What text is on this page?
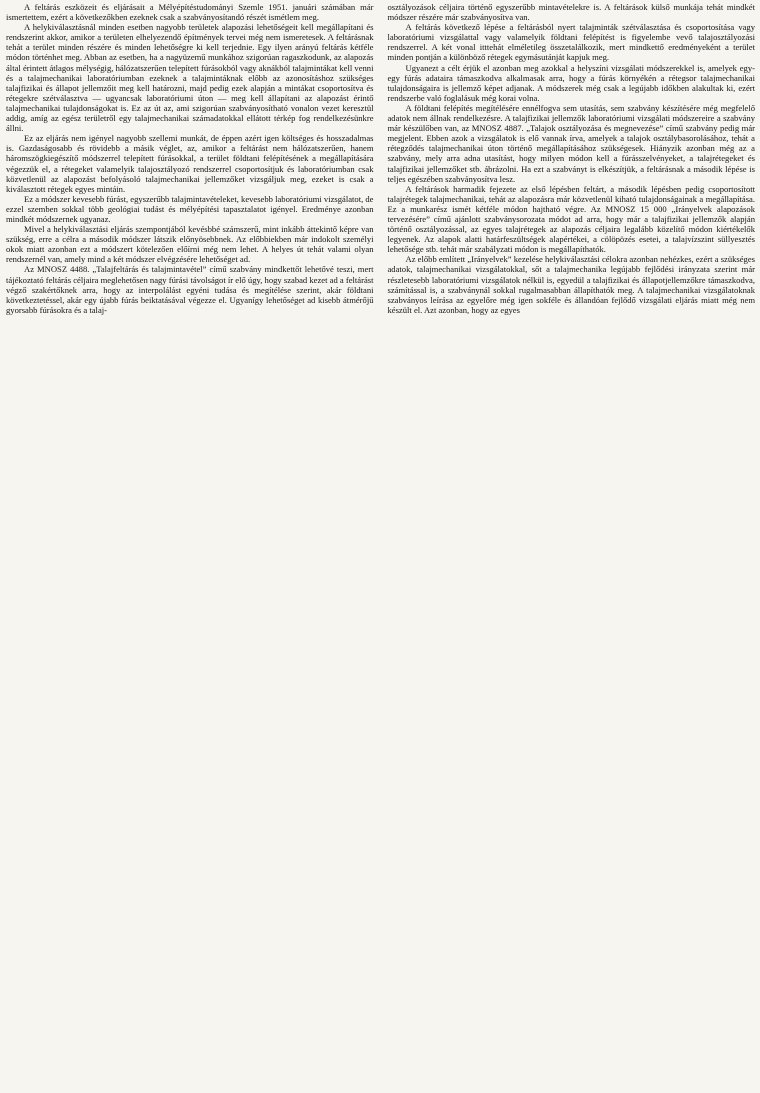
A feltárás eszközeit és eljárásait a Mélyépítéstudományi Szemle 1951. januári számában már ismertettem, ezért a következőkben ezeknek csak a szabványosítandó részét ismétlem meg.

A helykiválasztásnál minden esetben nagyobb területek alapozási lehetőségeit kell megállapítani és rendszerint akkor, amikor a területen elhelyezendő építmények tervei még nem ismeretesek. A feltárásnak tehát a terület minden részére és minden lehetőségre ki kell terjednie. Egy ilyen arányú feltárás kétféle módon történhet meg. Abban az esetben, ha a nagyüzemű munkához szigorúan ragaszkodunk, az alapozás által érintett átlagos mélységig, hálózatszerűen telepített fúrásokból vagy aknákból talajmintákat kell venni és a talajmechanikai laboratóriumban ezeknek a talajmintáknak előbb az azonosításhoz szükséges talajfizikai és állapot jellemzőit meg kell határozni, majd pedig ezek alapján a mintákat csoportosítva és rétegekre szétválasztva — ugyancsak laboratóriumi úton — meg kell állapítani az alapozást érintő talajmechanikai tulajdonságokat is. Ez az út az, ami szigorúan szabványosítható vonalon vezet keresztül addig, amíg az egész területről egy talajmechanikai számadatokkal ellátott térkép fog rendelkezésünkre állni.

Ez az eljárás nem igényel nagyobb szellemi munkát, de éppen azért igen költséges és hosszadalmas is. Gazdaságosabb és rövidebb a másik véglet, az, amikor a feltárást nem hálózatszerűen, hanem háromszögkiegészítő módszerrel telepített fúrásokkal, a terület földtani felépítésének a megállapítására végezzük el, a rétegeket valamelyik talajosztályozó rendszerrel csoportosítjuk és laboratóriumban csak közvetlenül az alapozást befolyásoló talajmechanikai jellemzőket vizsgáljuk meg, ezeket is csak a kiválasztott rétegek egyes mintáin.

Ez a módszer kevesebb fúrást, egyszerűbb talajmintavételeket, kevesebb laboratóriumi vizsgálatot, de ezzel szemben sokkal több geológiai tudást és mélyépítési tapasztalatot igényel. Eredménye azonban mindkét módszernek ugyanaz.

Mivel a helykiválasztási eljárás szempontjából kevésbbé számszerű, mint inkább áttekintő képre van szükség, erre a célra a második módszer látszik előnyösebbnek. Az előbbiekben már indokolt személyi okok miatt azonban ezt a módszert kötelezően előírni még nem lehet. A helyes út tehát valami olyan rendszernél van, amely mind a két módszer elvégzésére lehetőséget ad.

Az MNOSZ 4488. „Talajfeltárás és talajmintavétel” című szabvány mindkettőt lehetővé teszi, mert tájékoztató feltárás céljaira meglehetősen nagy fúrási távolságot ír elő úgy, hogy szabad kezet ad a feltárást végző szakértőknek arra, hogy az interpolálást egyéni tudása és megítélése szerint, akár földtani következtetéssel, akár egy újabb fúrás beiktatásával végezze el. Ugyanígy lehetőséget ad kisebb átmérőjű gyorsabb fúrásokra és a talaj-

osztályozások céljaira történő egyszerűbb mintavételekre is. A feltárások külső munkája tehát mindkét módszer részére már szabványosítva van.

A feltárás következő lépése a feltárásból nyert talajminták szétválasztása és csoportosítása vagy laboratóriumi vizsgálattal vagy valamelyik földtani felépítést is figyelembe vevő talajosztályozási rendszerrel. A két vonal itttehát elméletileg összetalálkozik, mert mindkettő eredményeként a terület minden pontján a különböző rétegek egymásutánját kapjuk meg.

Ugyanezt a célt érjük el azonban meg azokkal a helyszíni vizsgálati módszerekkel is, amelyek egy-egy fúrás adataira támaszkodva alkalmasak arra, hogy a fúrás környékén a rétegsor talajmechanikai tulajdonságaira is jellemző képet adjanak. A módszerek még csak a legújabb időkben alakultak ki, ezért rendszerbe való foglalásuk még korai volna.

A földtani felépítés megítélésére ennélfogva sem utasítás, sem szabvány készítésére még megfelelő adatok nem állnak rendelkezésre. A talajfizikai jellemzők laboratóriumi vizsgálati módszereire a szabvány már készülőben van, az MNOSZ 4887. „Talajok osztályozása és megnevezése” című szabvány pedig már megjelent. Ebben azok a vizsgálatok is elő vannak írva, amelyek a talajok osztálybasorolásához, tehát a rétegződés talajmechanikai úton történő megállapításához szükségesek. Hiányzik azonban még az a szabvány, mely arra adna utasítást, hogy milyen módon kell a fúrásszelvényeket, a talajrétegeket és talajfizikai jellemzőket stb. ábrázolni. Ha ezt a szabványt is elkészítjük, a feltárásnak a második lépése is teljes egészében szabványosítva lesz.

A feltárások harmadik fejezete az első lépésben feltárt, a második lépésben pedig csoportosított talajrétegek talajmechanikai, tehát az alapozásra már közvetlenül kiható tulajdonságainak a megállapítása. Ez a munkarész ismét kétféle módon hajtható végre. Az MNOSZ 15 000 „Irányelvek alapozások tervezésére” című ajánlott szabványsorozata módot ad arra, hogy már a talajfizikai jellemzők alapján történő osztályozással, az egyes talajrétegek az alapozás céljaira legalább közelítő módon kiértékelők legyenek. Az alapok alatti határfeszültségek alapértékei, a cölöpözés esetei, a talajvízszint süllyesztés lehetősége stb. tehát már szabályzati módon is megállapíthatók.

Az előbb említett „Irányelvek” kezelése helykiválasztási célokra azonban nehézkes, ezért a szükséges adatok, talajmechanikai vizsgálatokkal, sőt a talajmechanika legújabb fejlődési irányzata szerint már részletesebb laboratóriumi vizsgálatok nélkül is, egyedül a talajfizikai és állapotjellemzőkre támaszkodva, számítással is, a szabványnál sokkal rugalmasabban állapíthatók meg. A talajmechanikai vizsgálatoknak szabványos leírása az egyelőre még igen sokféle és állandóan fejlődő vizsgálati eljárás miatt még nem készült el. Azt azonban, hogy az egyes
